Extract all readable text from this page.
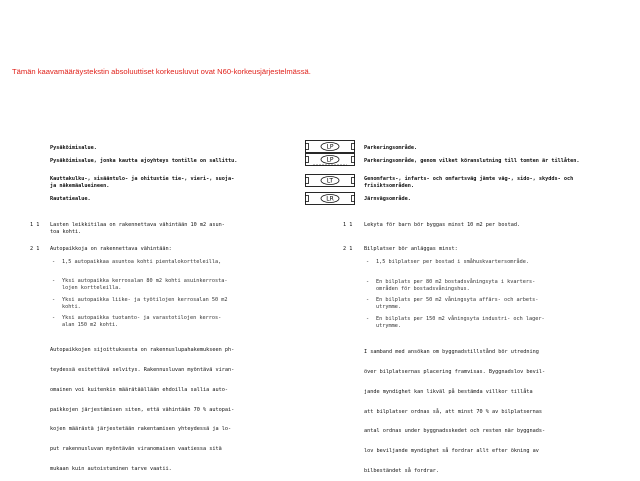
Tämän kaavamääräystekstin absoluuttiset korkeusluvut ovat N60-korkeusjärjestelmässä.
Pysäköimisalue.
Pysäköimisalue, jonka kautta ajoyhteys tontille on sallittu.
Kauttakulku-, sisääntulo- ja ohitustie tie-, vieri-, suoja-
ja näkemäalueineen.
Rautatiealue.
LP
LP
LT
LR
Parkeringsområde.
Parkeringsområde, genom vilket köranslutning till tomten är tillåten.
Genomfarts-, infarts- och omfartsväg jämte väg-, sido-, skydds- och
frisiktsområden.
Järnvägsområde.
1 1 Lasten leikkitilaa on rakennettava vähintään 10 m2 asun-
toa kohti.
1 1 Lekyta för barn bör byggas minst 10 m2 per bostad.
2 1 Autopaikkoja on rakennettava vähintään:
- 1,5 autopaikkaa asuntoa kohti pientalokortteleilla,
- Yksi autopaikka kerrosalan 80 m2 kohti asuinkerrosta-
lojen kortteleilla.
- Yksi autopaikka liike- ja työtilojen kerrosalan 50 m2
kohti.
- Yksi autopaikka tuotanto- ja varastotilojen kerros-
alan 150 m2 kohti.

Autopaikkojen sijoittuksesta on rakennuslupahakemukseen ph-

teydessä esitettävä selvitys. Rakennusluvan myöntävä viran-

omainen voi kuitenkin määrätäällään ehdoilla sallia auto-

paikkojen järjestämisen siten, että vähintään 70 % autopai-

kojen määrästä järjestetään rakentamisen yhteydessä ja lo-

put rakennusluvan myöntävän viranomaisen vaatiessa sitä

mukaan kuin autoistuminen tarve vaatii.

2 1 Bilplatser bör anläggas minst:
- 1,5 bilplatser per bostad i småhuskvartersområde.
- En bilplats per 80 m2 bostadsvåningsyta i kvarters-
områden för bostadsvåningshus.
- En bilplats per 50 m2 våningsyta affärs- och arbets-
utrymme.
- En bilplats per 150 m2 våningsyta industri- och lager-
utrymme.

I samband med ansökan om byggnadstillstånd bör utredning

över bilplatsernas placering framvisas. Byggnadslov bevil-

jande myndighet kan likväl på bestämda villkor tillåta

att bilplatser ordnas så, att minst 70 % av bilplatsernas

antal ordnas under byggnadsskedet och resten när byggnads-

lov beviljande myndighet så fordrar allt efter ökning av

bilbeständet så fordrar.
